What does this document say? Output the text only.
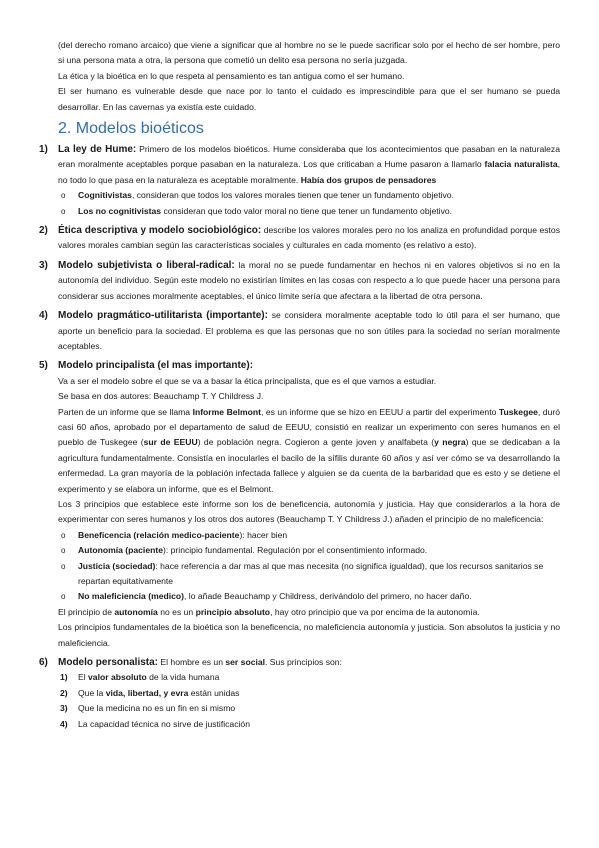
(del derecho romano arcaico) que viene a significar que al hombre no se le puede sacrificar solo por el hecho de ser hombre, pero si una persona mata a otra, la persona que cometió un delito esa persona no sería juzgada.

La ética y la bioética en lo que respeta al pensamiento es tan antigua como el ser humano.

El ser humano es vulnerable desde que nace por lo tanto el cuidado es imprescindible para que el ser humano se pueda desarrollar. En las cavernas ya existía este cuidado.

2. Modelos bioéticos
1) La ley de Hume: Primero de los modelos bioéticos. Hume consideraba que los acontecimientos que pasaban en la naturaleza eran moralmente aceptables porque pasaban en la naturaleza. Los que criticaban a Hume pasaron a llamarlo falacia naturalista, no todo lo que pasa en la naturaleza es aceptable moralmente. Había dos grupos de pensadores

o Cognitivistas, consideran que todos los valores morales tienen que tener un fundamento objetivo.
o Los no cognitivistas consideran que todo valor moral no tiene que tener un fundamento objetivo.
2) Ética descriptiva y modelo sociobiológico: describe los valores morales pero no los analiza en profundidad porque estos valores morales cambian según las características sociales y culturales en cada momento (es relativo a esto).

3) Modelo subjetivista o liberal-radical: la moral no se puede fundamentar en hechos ni en valores objetivos si no en la autonomía del individuo. Según este modelo no existirían límites en las cosas con respecto a lo que puede hacer una persona para considerar sus acciones moralmente aceptables, el único límite sería que afectara a la libertad de otra persona.

4) Modelo pragmático-utilitarista (importante): se considera moralmente aceptable todo lo útil para el ser humano, que aporte un beneficio para la sociedad. El problema es que las personas que no son útiles para la sociedad no serían moralmente aceptables.

5) Modelo principalista (el mas importante):

Va a ser el modelo sobre el que se va a basar la ética principalista, que es el que vamos a estudiar.

Se basa en dos autores: Beauchamp T. Y Childress J.

Parten de un informe que se llama Informe Belmont, es un informe que se hizo en EEUU a partir del experimento Tuskegee, duró casi 60 años, aprobado por el departamento de salud de EEUU, consistió en realizar un experimento con seres humanos en el pueblo de Tuskegee (sur de EEUU) de población negra. Cogieron a gente joven y analfabeta (y negra) que se dedicaban a la agricultura fundamentalmente. Consistía en inocularles el bacilo de la sífilis durante 60 años y así ver cómo se va desarrollando la enfermedad. La gran mayoría de la población infectada fallece y alguien se da cuenta de la barbaridad que es esto y se detiene el experimento y se elabora un informe, que es el Belmont.

Los 3 principios que establece este informe son los de beneficencia, autonomía y justicia. Hay que considerarlos a la hora de experimentar con seres humanos y los otros dos autores (Beauchamp T. Y Childress J.) añaden el principio de no maleficencia:

o Beneficencia (relación medico-paciente): hacer bien
o Autonomía (paciente): principio fundamental. Regulación por el consentimiento informado.
o Justicia (sociedad): hace referencia a dar mas al que mas necesita (no significa igualdad), que los recursos sanitarios se repartan equitativamente
o No maleficiencia (medico), lo añade Beauchamp y Childress, derivándolo del primero, no hacer daño.

El principio de autonomía no es un principio absoluto, hay otro principio que va por encima de la autonomía.

Los principios fundamentales de la bioética son la beneficencia, no maleficiencia autonomía y justicia. Son absolutos la justicia y no maleficiencia.

6) Modelo personalista: El hombre es un ser social. Sus principios son:

1) El valor absoluto de la vida humana
2) Que la vida, libertad, y evra están unidas
3) Que la medicina no es un fin en si mismo
4) La capacidad técnica no sirve de justificación
